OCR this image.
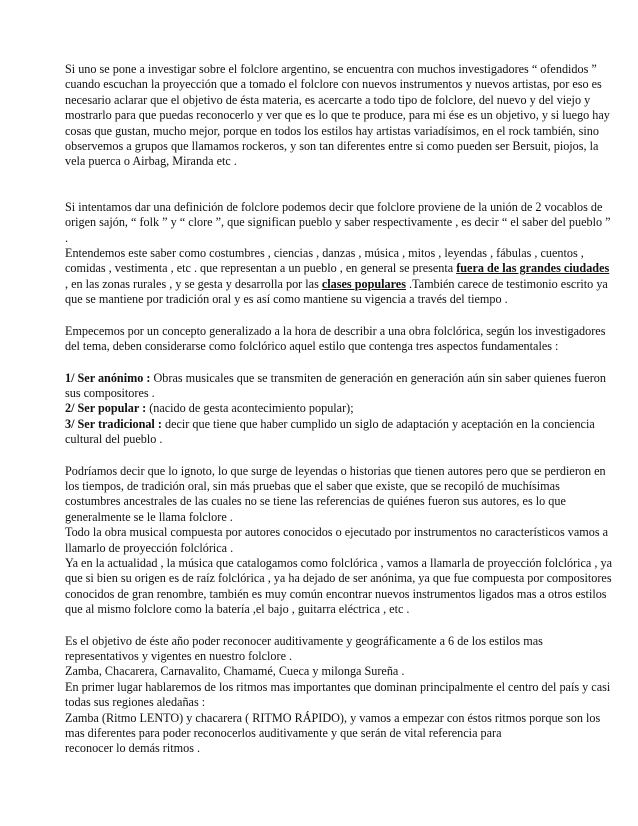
Si uno se pone a investigar sobre el folclore argentino, se encuentra con muchos investigadores “ ofendidos ” cuando escuchan la proyección que a tomado el folclore con nuevos instrumentos y nuevos artistas, por eso es necesario aclarar que el objetivo de ésta materia, es acercarte a todo tipo de folclore, del nuevo y del viejo y mostrarlo para que puedas reconocerlo y ver que es lo que te produce, para mi ése es un objetivo, y si luego hay cosas que gustan, mucho mejor, porque en todos los estilos hay artistas variadísimos, en el rock también, sino observemos a grupos que llamamos rockeros, y son tan diferentes entre si como pueden ser Bersuit, piojos, la vela puerca o Airbag, Miranda etc .

Si intentamos dar una definición de folclore podemos decir que folclore proviene de la unión de 2 vocablos de origen sajón, “ folk ” y “ clore ”, que significan pueblo y saber respectivamente , es decir “ el saber del pueblo ” .

Entendemos este saber como costumbres , ciencias , danzas , música , mitos , leyendas , fábulas , cuentos , comidas , vestimenta , etc . que representan a un pueblo , en general se presenta fuera de las grandes ciudades , en las zonas rurales , y se gesta y desarrolla por las clases populares .También carece de testimonio escrito ya que se mantiene por tradición oral y es así como mantiene su vigencia a través del tiempo .

Empecemos por un concepto generalizado a la hora de describir a una obra folclórica, según los investigadores del tema, deben considerarse como folclórico aquel estilo que contenga tres aspectos fundamentales :

1/ Ser anónimo : Obras musicales que se transmiten de generación en generación aún sin saber quienes fueron sus compositores .

2/ Ser popular : (nacido de gesta acontecimiento popular);

3/ Ser tradicional : decir que tiene que haber cumplido un siglo de adaptación y aceptación en la conciencia cultural del pueblo .

Podríamos decir que lo ignoto, lo que surge de leyendas o historias que tienen autores pero que se perdieron en los tiempos, de tradición oral, sin más pruebas que el saber que existe, que se recopiló de muchísimas costumbres ancestrales de las cuales no se tiene las referencias de quiénes fueron sus autores, es lo que generalmente se le llama folclore .

Todo la obra musical compuesta por autores conocidos o ejecutado por instrumentos no característicos vamos a llamarlo de proyección folclórica .

Ya en la actualidad , la música que catalogamos como folclórica , vamos a llamarla de proyección folclórica , ya que si bien su origen es de raíz folclórica , ya ha dejado de ser anónima, ya que fue compuesta por compositores conocidos de gran renombre, también es muy común encontrar nuevos instrumentos ligados mas a otros estilos que al mismo folclore como la batería ,el bajo , guitarra eléctrica , etc .

Es el objetivo de éste año poder reconocer auditivamente y geográficamente a 6 de los estilos mas representativos y vigentes en nuestro folclore .

Zamba, Chacarera, Carnavalito, Chamamé, Cueca y milonga Sureña .

En primer lugar hablaremos de los ritmos mas importantes que dominan principalmente el centro del país y casi todas sus regiones aledañas :

Zamba (Ritmo LENTO) y chacarera ( RITMO RÁPIDO), y vamos a empezar con éstos ritmos porque son los mas diferentes para poder reconocerlos auditivamente y que serán de vital referencia para

reconocer lo demás ritmos .
